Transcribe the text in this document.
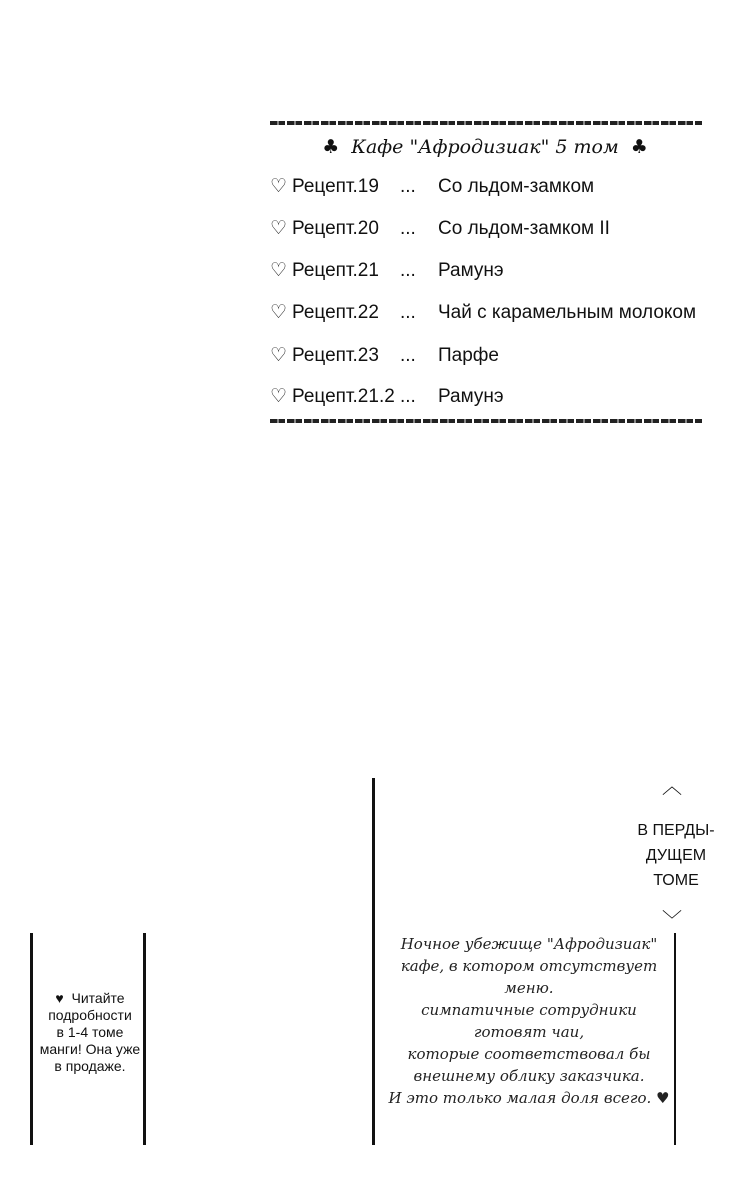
♣ Кафе "Афродизиак" 5 том ♣
♡ Рецепт.19 ... Со льдом-замком
♡ Рецепт.20 ... Со льдом-замком II
♡ Рецепт.21 ... Рамунэ
♡ Рецепт.22 ... Чай с карамельным молоком
♡ Рецепт.23 ... Парфе
♡ Рецепт.21.2 ... Рамунэ
♥ Читайте
подробности
в 1-4 томе
манги! Она уже
в продаже.
︿
В ПЕРДЫ-
ДУЩЕМ
ТОМЕ
﹀
Ночное убежище "Афродизиак"
кафе, в котором отсутствует меню.
симпатичные сотрудники готовят чаи,
которые соответствовал бы
внешнему облику заказчика.
И это только малая доля всего. ♥
